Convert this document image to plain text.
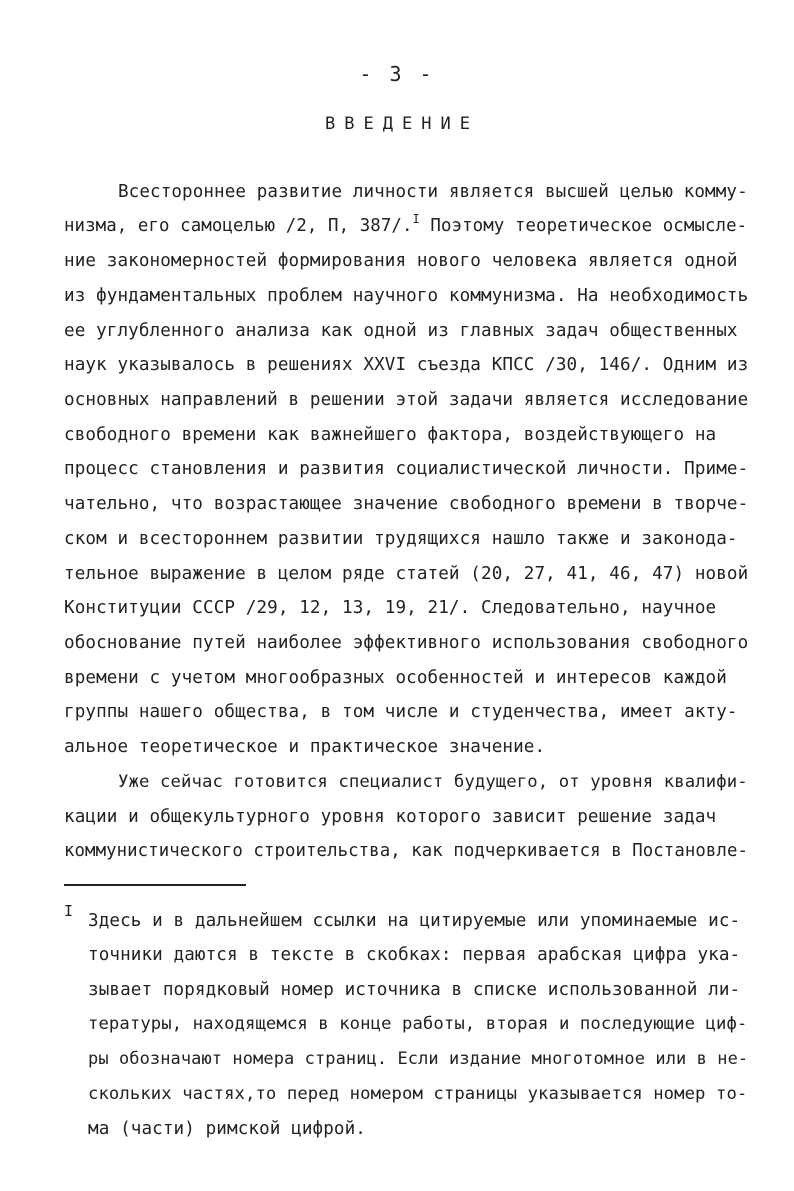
- 3 -
ВВЕДЕНИЕ
Всестороннее развитие личности является высшей целью комму-
низма, его самоцелью /2, П, 387/.$^I$ Поэтому теоретическое осмысле-
ние закономерностей формирования нового человека является одной
из фундаментальных проблем научного коммунизма. На необходимость
ее углубленного анализа как одной из главных задач общественных
наук указывалось в решениях XXVI съезда КПСС /30, 146/. Одним из
основных направлений в решении этой задачи является исследование
свободного времени как важнейшего фактора, воздействующего на
процесс становления и развития социалистической личности. Приме-
чательно, что возрастающее значение свободного времени в творче-
ском и всестороннем развитии трудящихся нашло также и законода-
тельное выражение в целом ряде статей (20, 27, 41, 46, 47) новой
Конституции СССР /29, 12, 13, 19, 21/. Следовательно, научное
обоснование путей наиболее эффективного использования свободного
времени с учетом многообразных особенностей и интересов каждой
группы нашего общества, в том числе и студенчества, имеет акту-
альное теоретическое и практическое значение.
Уже сейчас готовится специалист будущего, от уровня квалифи-
кации и общекультурного уровня которого зависит решение задач
коммунистического строительства, как подчеркивается в Постановле-
I Здесь и в дальнейшем ссылки на цитируемые или упоминаемые ис-
точники даются в тексте в скобках: первая арабская цифра ука-
зывает порядковый номер источника в списке использованной ли-
тературы, находящемся в конце работы, вторая и последующие циф-
ры обозначают номера страниц. Если издание многотомное или в не-
скольких частях,то перед номером страницы указывается номер то-
ма (части) римской цифрой.
